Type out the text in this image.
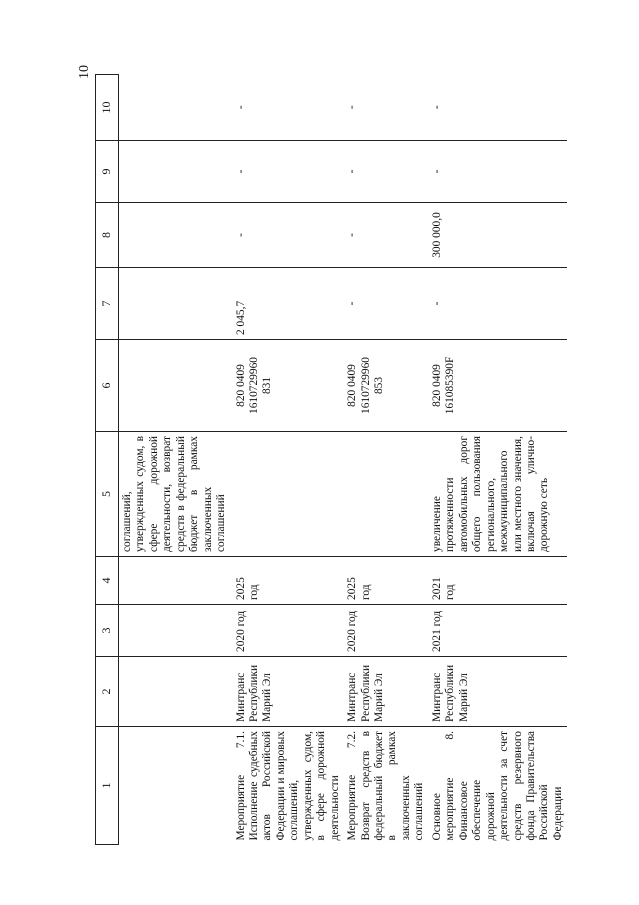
10
1	2	3	4	5	6	7	8	9	10
				соглашений, утвержденных судом, в сфере дорожной деятельности, возврат средств в федеральный бюджет в рамках заключенных соглашений					
Мероприятие 7.1. Исполнение судебных актов Российской Федерации и мировых соглашений, утвержденных судом, в сфере дорожной деятельности	Минтранс Республики Марий Эл	2020 год	2025 год		820 0409 1610729960 831	2 045,7	-	-	-
Мероприятие 7.2. Возврат средств в федеральный бюджет в рамках заключенных соглашений	Минтранс Республики Марий Эл	2020 год	2025 год		820 0409 1610729960 853	-	-	-	-
Основное мероприятие 8. Финансовое обеспечение дорожной деятельности за счет средств резервного фонда Правительства Российской Федерации	Минтранс Республики Марий Эл	2021 год	2021 год	увеличение протяженности автомобильных дорог общего пользования регионального, межмуниципального или местного значения, включая улично-дорожную сеть	820 0409 161085390F	-	300 000,0	-	-
